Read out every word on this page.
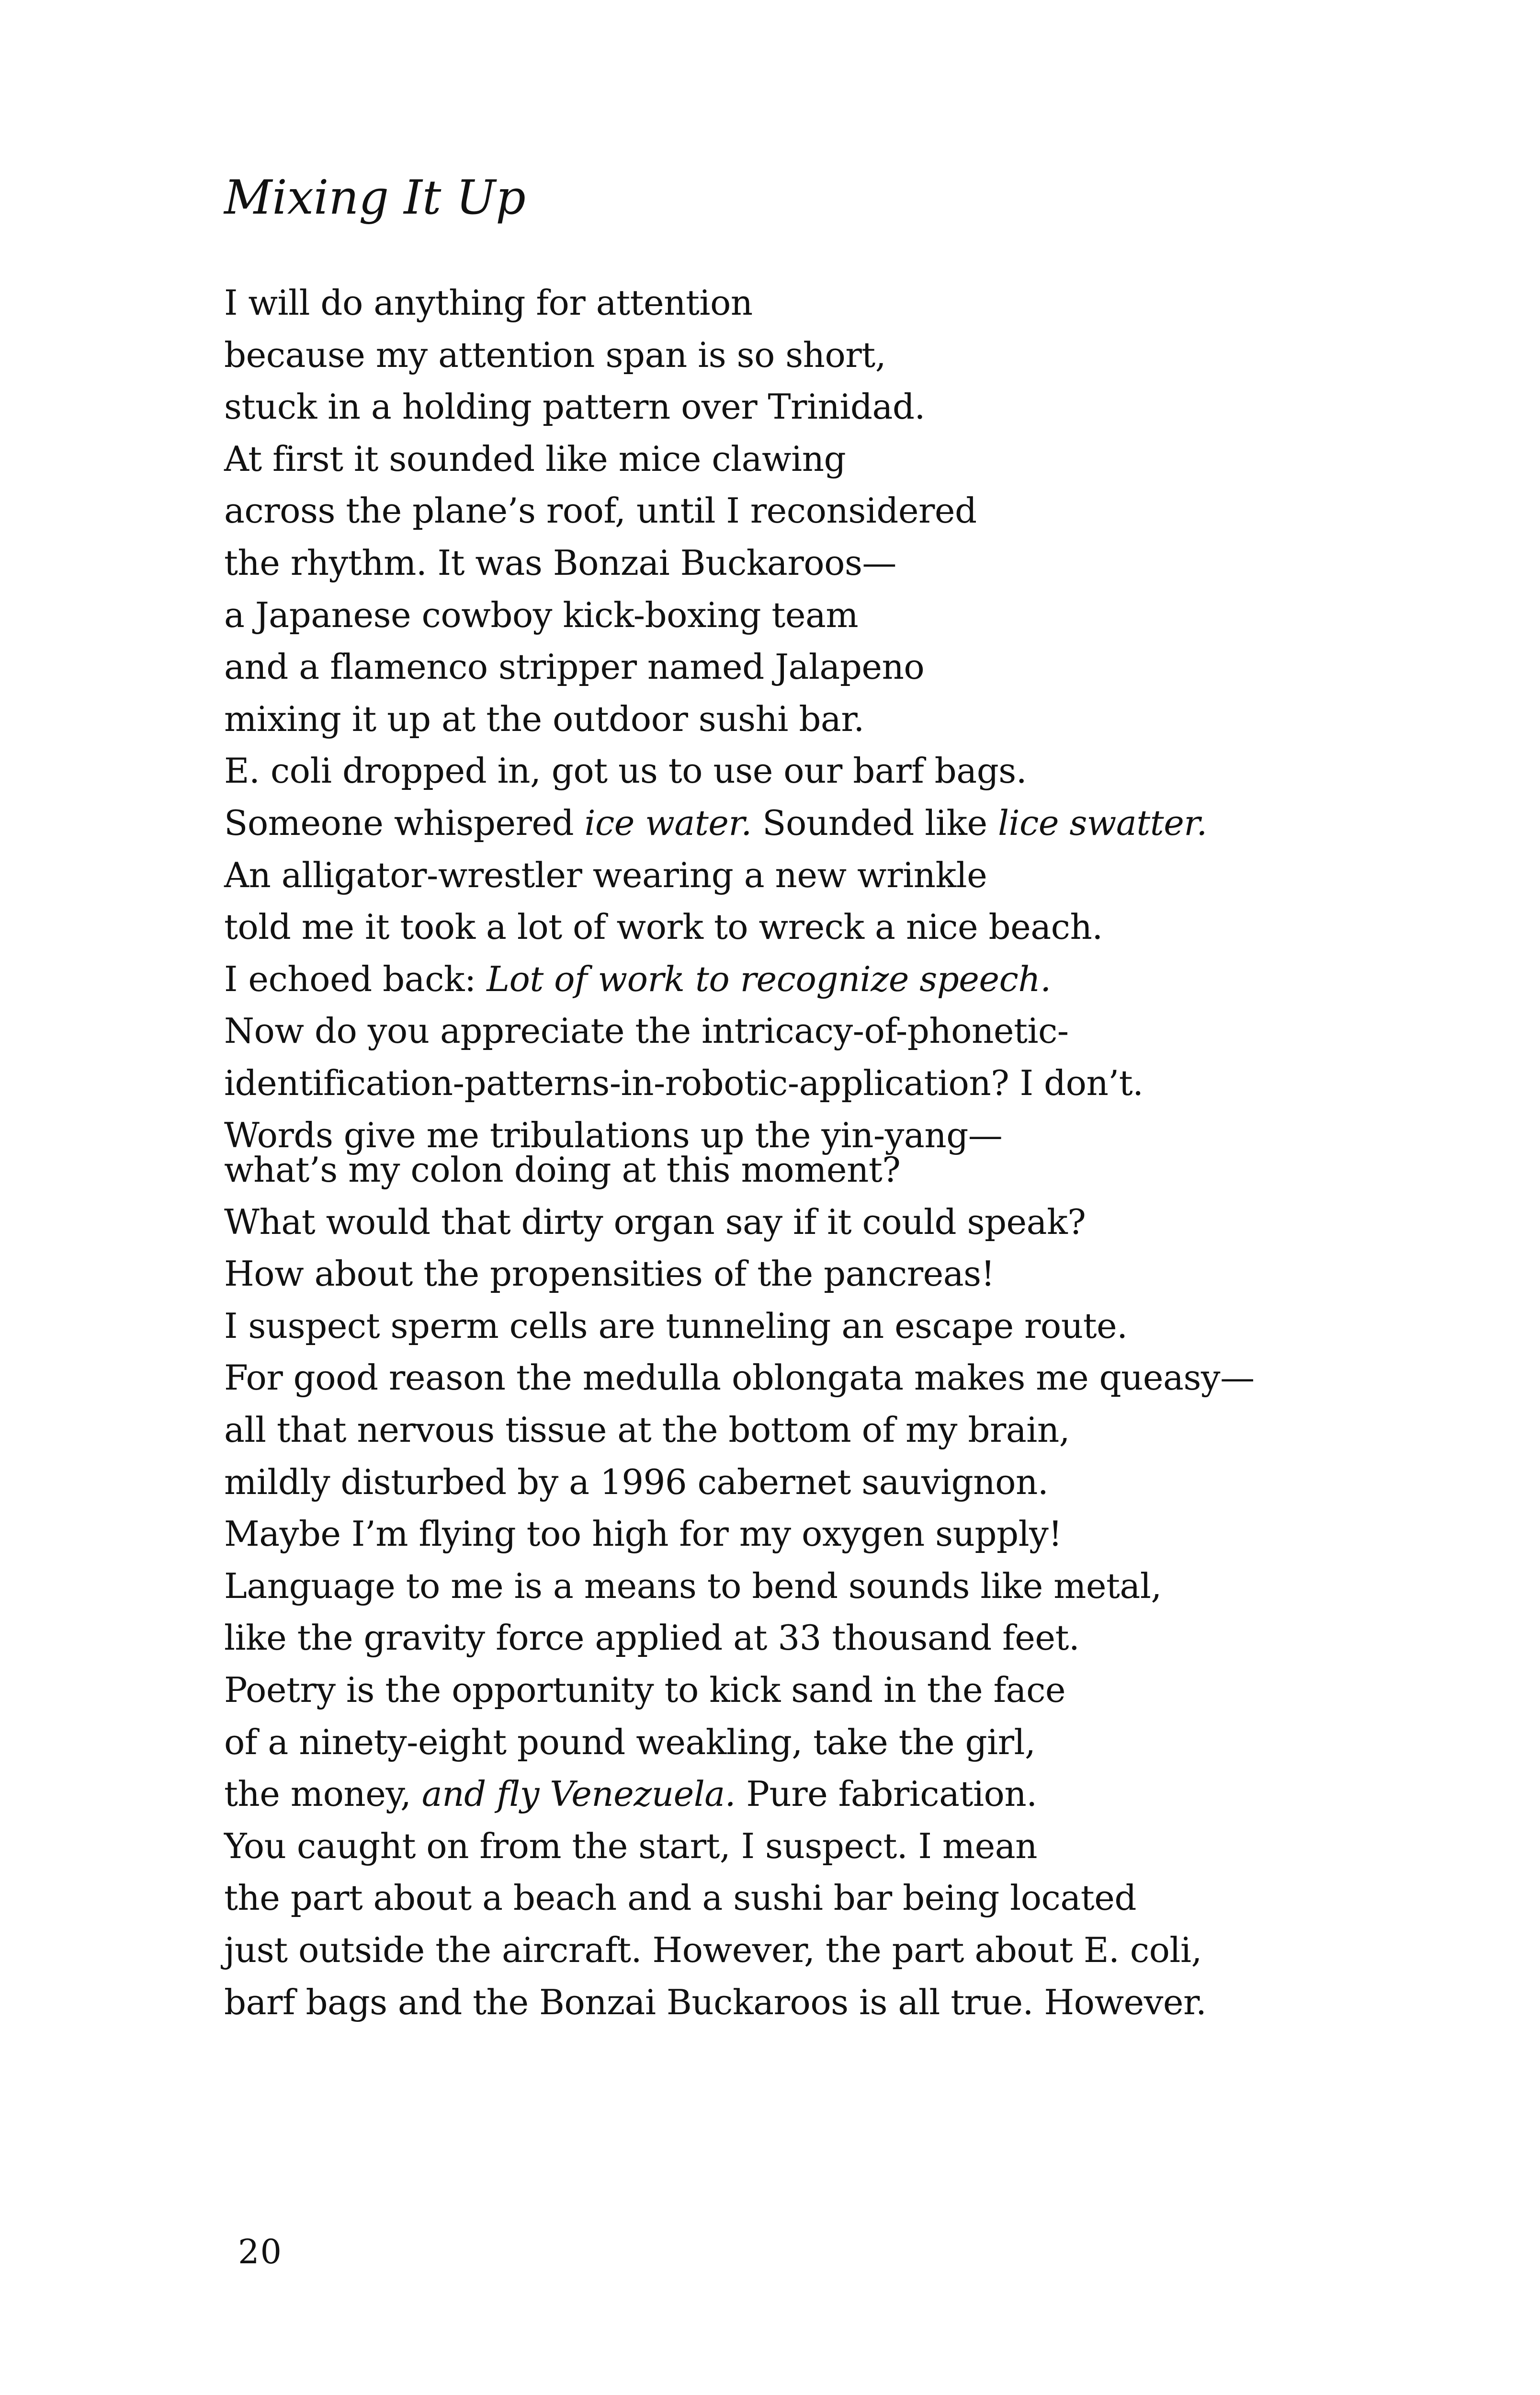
Mixing It Up
I will do anything for attention
because my attention span is so short,
stuck in a holding pattern over Trinidad.
At first it sounded like mice clawing
across the plane’s roof, until I reconsidered
the rhythm. It was Bonzai Buckaroos—
a Japanese cowboy kick-boxing team
and a flamenco stripper named Jalapeno
mixing it up at the outdoor sushi bar.
E. coli dropped in, got us to use our barf bags.
Someone whispered ice water. Sounded like lice swatter.
An alligator-wrestler wearing a new wrinkle
told me it took a lot of work to wreck a nice beach.
I echoed back: Lot of work to recognize speech.
Now do you appreciate the intricacy-of-phonetic-
identification-patterns-in-robotic-application? I don’t.
Words give me tribulations up the yin-yang—
what’s my colon doing at this moment?
What would that dirty organ say if it could speak?
How about the propensities of the pancreas!
I suspect sperm cells are tunneling an escape route.
For good reason the medulla oblongata makes me queasy—
all that nervous tissue at the bottom of my brain,
mildly disturbed by a 1996 cabernet sauvignon.
Maybe I’m flying too high for my oxygen supply!
Language to me is a means to bend sounds like metal,
like the gravity force applied at 33 thousand feet.
Poetry is the opportunity to kick sand in the face
of a ninety-eight pound weakling, take the girl,
the money, and fly Venezuela. Pure fabrication.
You caught on from the start, I suspect. I mean
the part about a beach and a sushi bar being located
just outside the aircraft. However, the part about E. coli,
barf bags and the Bonzai Buckaroos is all true. However.
20
